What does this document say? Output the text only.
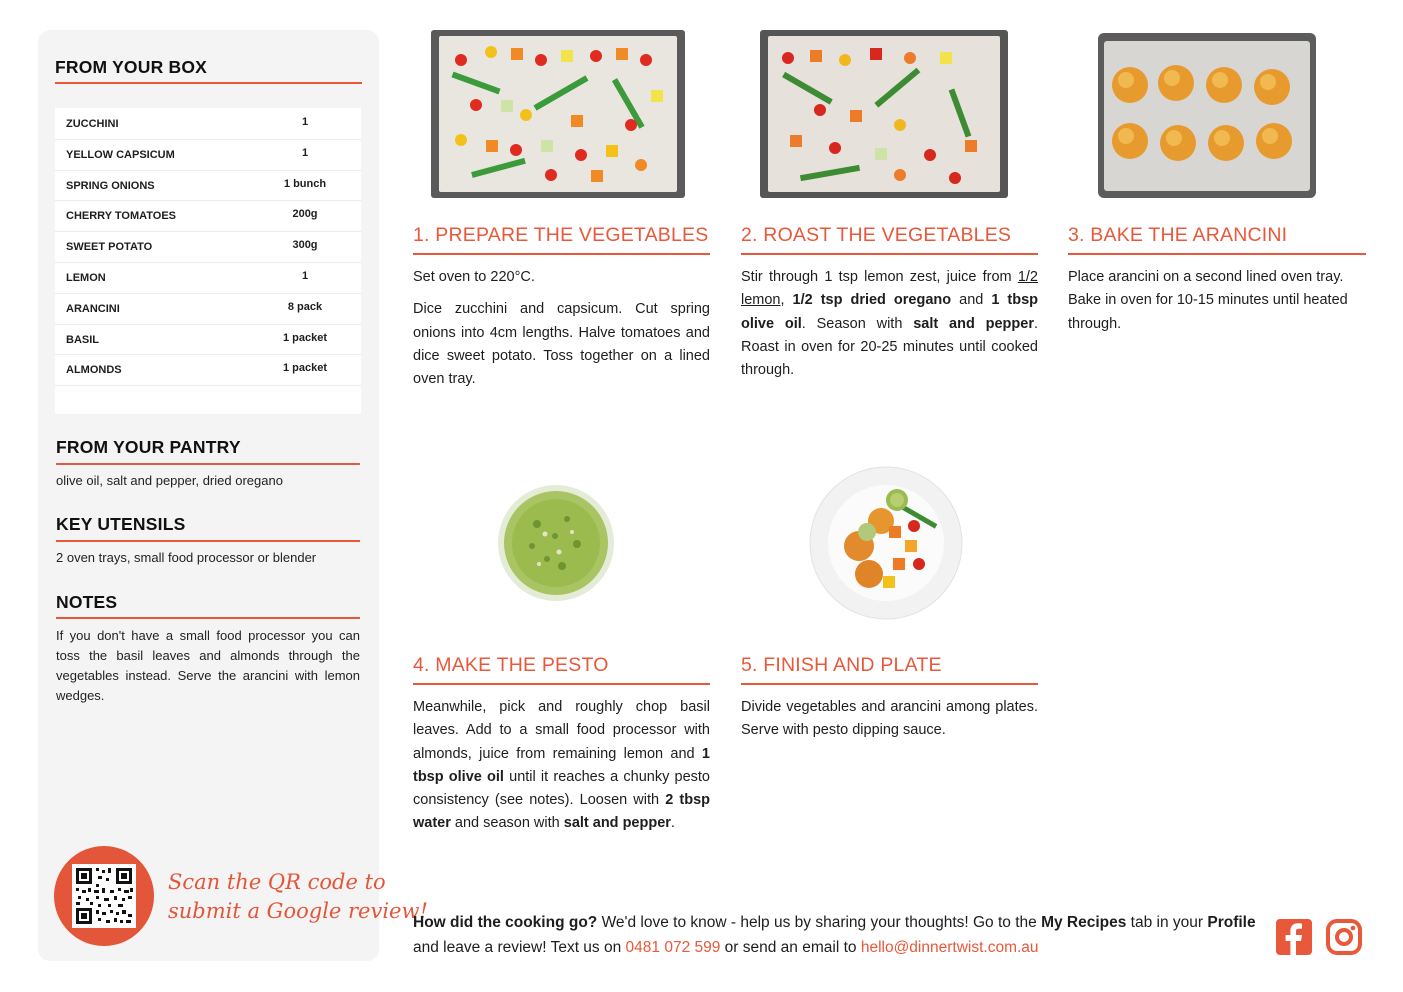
FROM YOUR BOX
ZUCCHINI	1
YELLOW CAPSICUM	1
SPRING ONIONS	1 bunch
CHERRY TOMATOES	200g
SWEET POTATO	300g
LEMON	1
ARANCINI	8 pack
BASIL	1 packet
ALMONDS	1 packet
FROM YOUR PANTRY
olive oil, salt and pepper, dried oregano
KEY UTENSILS
2 oven trays, small food processor or blender
NOTES
If you don't have a small food processor you can toss the basil leaves and almonds through the vegetables instead. Serve the arancini with lemon wedges.
Scan the QR code to
submit a Google review!
1. PREPARE THE VEGETABLES

Set oven to 220°C.

Dice zucchini and capsicum. Cut spring onions into 4cm lengths. Halve tomatoes and dice sweet potato. Toss together on a lined oven tray.

2. ROAST THE VEGETABLES

Stir through 1 tsp lemon zest, juice from 1/2 lemon, 1/2 tsp dried oregano and 1 tbsp olive oil. Season with salt and pepper. Roast in oven for 20-25 minutes until cooked through.

3. BAKE THE ARANCINI

Place arancini on a second lined oven tray. Bake in oven for 10-15 minutes until heated through.

4. MAKE THE PESTO

Meanwhile, pick and roughly chop basil leaves. Add to a small food processor with almonds, juice from remaining lemon and 1 tbsp olive oil until it reaches a chunky pesto consistency (see notes). Loosen with 2 tbsp water and season with salt and pepper.

5. FINISH AND PLATE

Divide vegetables and arancini among plates. Serve with pesto dipping sauce.

How did the cooking go? We'd love to know - help us by sharing your thoughts! Go to the My Recipes tab in your Profile and leave a review! Text us on 0481 072 599 or send an email to hello@dinnertwist.com.au
